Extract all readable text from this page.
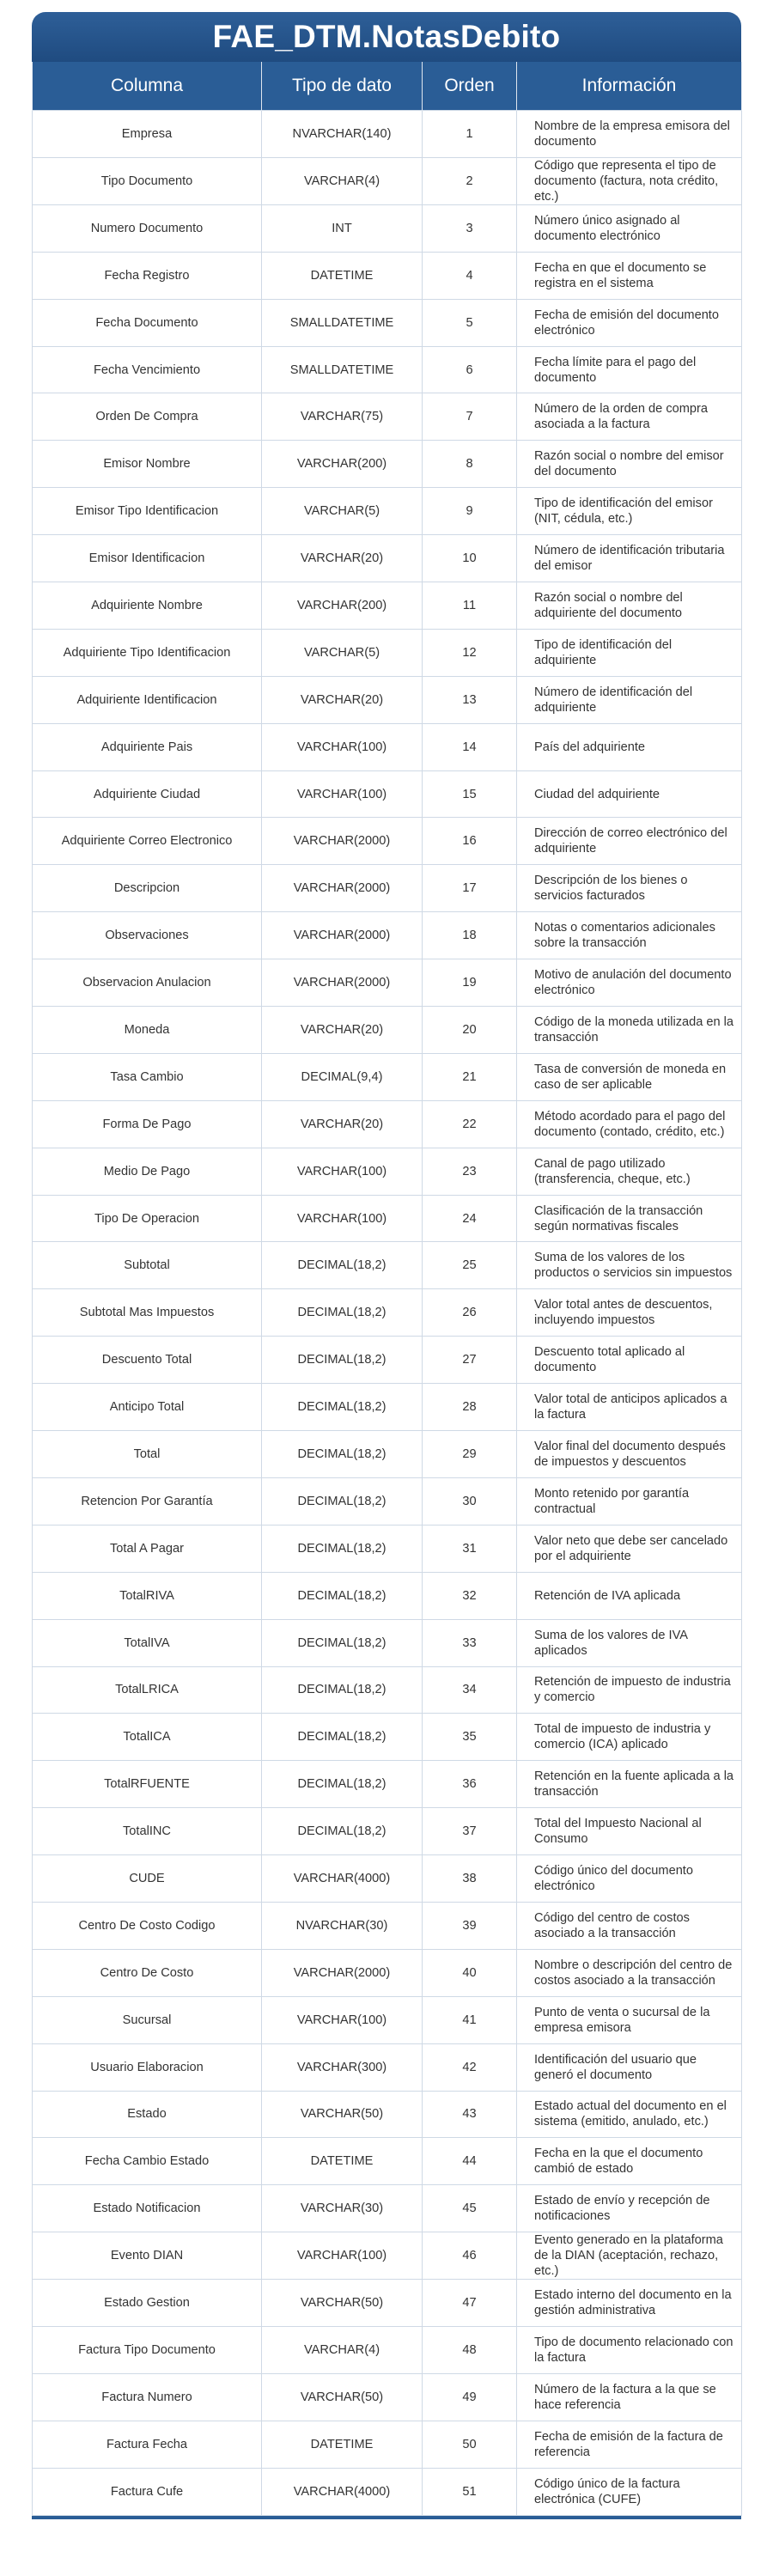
FAE_DTM.NotasDebito
Columna	Tipo de dato	Orden	Información
Empresa	NVARCHAR(140)	1	Nombre de la empresa emisora del documento
Tipo Documento	VARCHAR(4)	2	Código que representa el tipo de documento (factura, nota crédito, etc.)
Numero Documento	INT	3	Número único asignado al documento electrónico
Fecha Registro	DATETIME	4	Fecha en que el documento se registra en el sistema
Fecha Documento	SMALLDATETIME	5	Fecha de emisión del documento electrónico
Fecha Vencimiento	SMALLDATETIME	6	Fecha límite para el pago del documento
Orden De Compra	VARCHAR(75)	7	Número de la orden de compra asociada a la factura
Emisor Nombre	VARCHAR(200)	8	Razón social o nombre del emisor del documento
Emisor Tipo Identificacion	VARCHAR(5)	9	Tipo de identificación del emisor (NIT, cédula, etc.)
Emisor Identificacion	VARCHAR(20)	10	Número de identificación tributaria del emisor
Adquiriente Nombre	VARCHAR(200)	11	Razón social o nombre del adquiriente del documento
Adquiriente Tipo Identificacion	VARCHAR(5)	12	Tipo de identificación del adquiriente
Adquiriente Identificacion	VARCHAR(20)	13	Número de identificación del adquiriente
Adquiriente Pais	VARCHAR(100)	14	País del adquiriente
Adquiriente Ciudad	VARCHAR(100)	15	Ciudad del adquiriente
Adquiriente Correo Electronico	VARCHAR(2000)	16	Dirección de correo electrónico del adquiriente
Descripcion	VARCHAR(2000)	17	Descripción de los bienes o servicios facturados
Observaciones	VARCHAR(2000)	18	Notas o comentarios adicionales sobre la transacción
Observacion Anulacion	VARCHAR(2000)	19	Motivo de anulación del documento electrónico
Moneda	VARCHAR(20)	20	Código de la moneda utilizada en la transacción
Tasa Cambio	DECIMAL(9,4)	21	Tasa de conversión de moneda en caso de ser aplicable
Forma De Pago	VARCHAR(20)	22	Método acordado para el pago del documento (contado, crédito, etc.)
Medio De Pago	VARCHAR(100)	23	Canal de pago utilizado (transferencia, cheque, etc.)
Tipo De Operacion	VARCHAR(100)	24	Clasificación de la transacción según normativas fiscales
Subtotal	DECIMAL(18,2)	25	Suma de los valores de los productos o servicios sin impuestos
Subtotal Mas Impuestos	DECIMAL(18,2)	26	Valor total antes de descuentos, incluyendo impuestos
Descuento Total	DECIMAL(18,2)	27	Descuento total aplicado al documento
Anticipo Total	DECIMAL(18,2)	28	Valor total de anticipos aplicados a la factura
Total	DECIMAL(18,2)	29	Valor final del documento después de impuestos y descuentos
Retencion Por Garantía	DECIMAL(18,2)	30	Monto retenido por garantía contractual
Total A Pagar	DECIMAL(18,2)	31	Valor neto que debe ser cancelado por el adquiriente
TotalRIVA	DECIMAL(18,2)	32	Retención de IVA aplicada
TotalIVA	DECIMAL(18,2)	33	Suma de los valores de IVA aplicados
TotalLRICA	DECIMAL(18,2)	34	Retención de impuesto de industria y comercio
TotalICA	DECIMAL(18,2)	35	Total de impuesto de industria y comercio (ICA) aplicado
TotalRFUENTE	DECIMAL(18,2)	36	Retención en la fuente aplicada a la transacción
TotalINC	DECIMAL(18,2)	37	Total del Impuesto Nacional al Consumo
CUDE	VARCHAR(4000)	38	Código único del documento electrónico
Centro De Costo Codigo	NVARCHAR(30)	39	Código del centro de costos asociado a la transacción
Centro De Costo	VARCHAR(2000)	40	Nombre o descripción del centro de costos asociado a la transacción
Sucursal	VARCHAR(100)	41	Punto de venta o sucursal de la empresa emisora
Usuario Elaboracion	VARCHAR(300)	42	Identificación del usuario que generó el documento
Estado	VARCHAR(50)	43	Estado actual del documento en el sistema (emitido, anulado, etc.)
Fecha Cambio Estado	DATETIME	44	Fecha en la que el documento cambió de estado
Estado Notificacion	VARCHAR(30)	45	Estado de envío y recepción de notificaciones
Evento DIAN	VARCHAR(100)	46	Evento generado en la plataforma de la DIAN (aceptación, rechazo, etc.)
Estado Gestion	VARCHAR(50)	47	Estado interno del documento en la gestión administrativa
Factura Tipo Documento	VARCHAR(4)	48	Tipo de documento relacionado con la factura
Factura Numero	VARCHAR(50)	49	Número de la factura a la que se hace referencia
Factura Fecha	DATETIME	50	Fecha de emisión de la factura de referencia
Factura Cufe	VARCHAR(4000)	51	Código único de la factura electrónica (CUFE)
